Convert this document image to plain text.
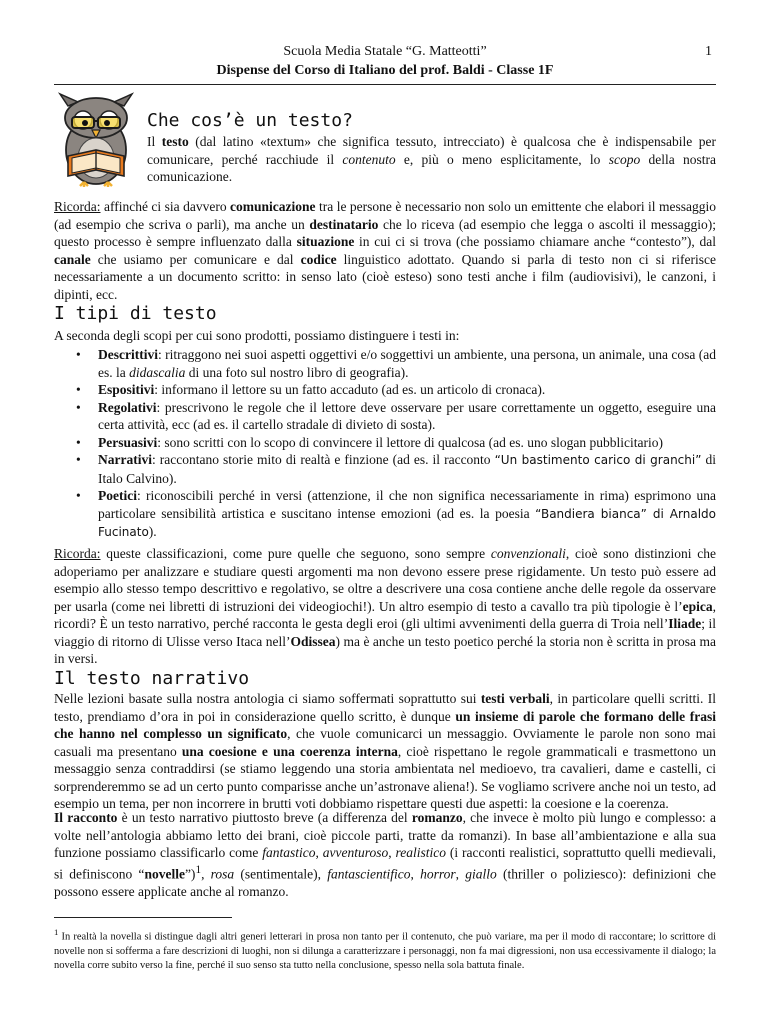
Scuola Media Statale “G. Matteotti”	1
Dispense del Corso di Italiano del prof. Baldi - Classe 1F
Che cos’è un testo?
Il testo (dal latino «textum» che significa tessuto, intrecciato) è qualcosa che è indispensabile per comunicare, perché racchiude il contenuto e, più o meno esplicitamente, lo scopo della nostra comunicazione.
Ricorda: affinché ci sia davvero comunicazione tra le persone è necessario non solo un emittente che elabori il messaggio (ad esempio che scriva o parli), ma anche un destinatario che lo riceva (ad esempio che legga o ascolti il messaggio); questo processo è sempre influenzato dalla situazione in cui ci si trova (che possiamo chiamare anche “contesto”), dal canale che usiamo per comunicare e dal codice linguistico adottato. Quando si parla di testo non ci si riferisce necessariamente a un documento scritto: in senso lato (cioè esteso) sono testi anche i film (audiovisivi), le canzoni, i dipinti, ecc.
I tipi di testo
A seconda degli scopi per cui sono prodotti, possiamo distinguere i testi in:
• Descrittivi: ritraggono nei suoi aspetti oggettivi e/o soggettivi un ambiente, una persona, un animale, una cosa (ad es. la didascalia di una foto sul nostro libro di geografia).
• Espositivi: informano il lettore su un fatto accaduto (ad es. un articolo di cronaca).
• Regolativi: prescrivono le regole che il lettore deve osservare per usare correttamente un oggetto, eseguire una certa attività, ecc (ad es. il cartello stradale di divieto di sosta).
• Persuasivi: sono scritti con lo scopo di convincere il lettore di qualcosa (ad es. uno slogan pubblicitario)
• Narrativi: raccontano storie mito di realtà e finzione (ad es. il racconto “Un bastimento carico di granchi” di Italo Calvino).
• Poetici: riconoscibili perché in versi (attenzione, il che non significa necessariamente in rima) esprimono una particolare sensibilità artistica e suscitano intense emozioni (ad es. la poesia “Bandiera bianca” di Arnaldo Fucinato).
Ricorda: queste classificazioni, come pure quelle che seguono, sono sempre convenzionali, cioè sono distinzioni che adoperiamo per analizzare e studiare questi argomenti ma non devono essere prese rigidamente. Un testo può essere ad esempio allo stesso tempo descrittivo e regolativo, se oltre a descrivere una cosa contiene anche delle regole da osservare per usarla (come nei libretti di istruzioni dei videogiochi!). Un altro esempio di testo a cavallo tra più tipologie è l’epica, ricordi? È un testo narrativo, perché racconta le gesta degli eroi (gli ultimi avvenimenti della guerra di Troia nell’Iliade; il viaggio di ritorno di Ulisse verso Itaca nell’Odissea) ma è anche un testo poetico perché la storia non è scritta in prosa ma in versi.
Il testo narrativo
Nelle lezioni basate sulla nostra antologia ci siamo soffermati soprattutto sui testi verbali, in particolare quelli scritti. Il testo, prendiamo d’ora in poi in considerazione quello scritto, è dunque un insieme di parole che formano delle frasi che hanno nel complesso un significato, che vuole comunicarci un messaggio. Ovviamente le parole non sono mai casuali ma presentano una coesione e una coerenza interna, cioè rispettano le regole grammaticali e trasmettono un messaggio senza contraddirsi (se stiamo leggendo una storia ambientata nel medioevo, tra cavalieri, dame e castelli, ci sorprenderemmo se ad un certo punto comparisse anche un’astronave aliena!). Se vogliamo scrivere anche noi un testo, ad esempio un tema, per non incorrere in brutti voti dobbiamo rispettare questi due aspetti: la coesione e la coerenza.
Il racconto è un testo narrativo piuttosto breve (a differenza del romanzo, che invece è molto più lungo e complesso: a volte nell’antologia abbiamo letto dei brani, cioè piccole parti, tratte da romanzi). In base all’ambientazione e alla sua funzione possiamo classificarlo come fantastico, avventuroso, realistico (i racconti realistici, soprattutto quelli medievali, si definiscono “novelle”)$^1$, rosa (sentimentale), fantascientifico, horror, giallo (thriller o poliziesco): definizioni che possono essere applicate anche al romanzo.
$^1$ In realtà la novella si distingue dagli altri generi letterari in prosa non tanto per il contenuto, che può variare, ma per il modo di raccontare; lo scrittore di novelle non si sofferma a fare descrizioni di luoghi, non si dilunga a caratterizzare i personaggi, non fa mai digressioni, non usa eccessivamente il dialogo; la novella corre subito verso la fine, perché il suo senso sta tutto nella conclusione, spesso nella sola battuta finale.
